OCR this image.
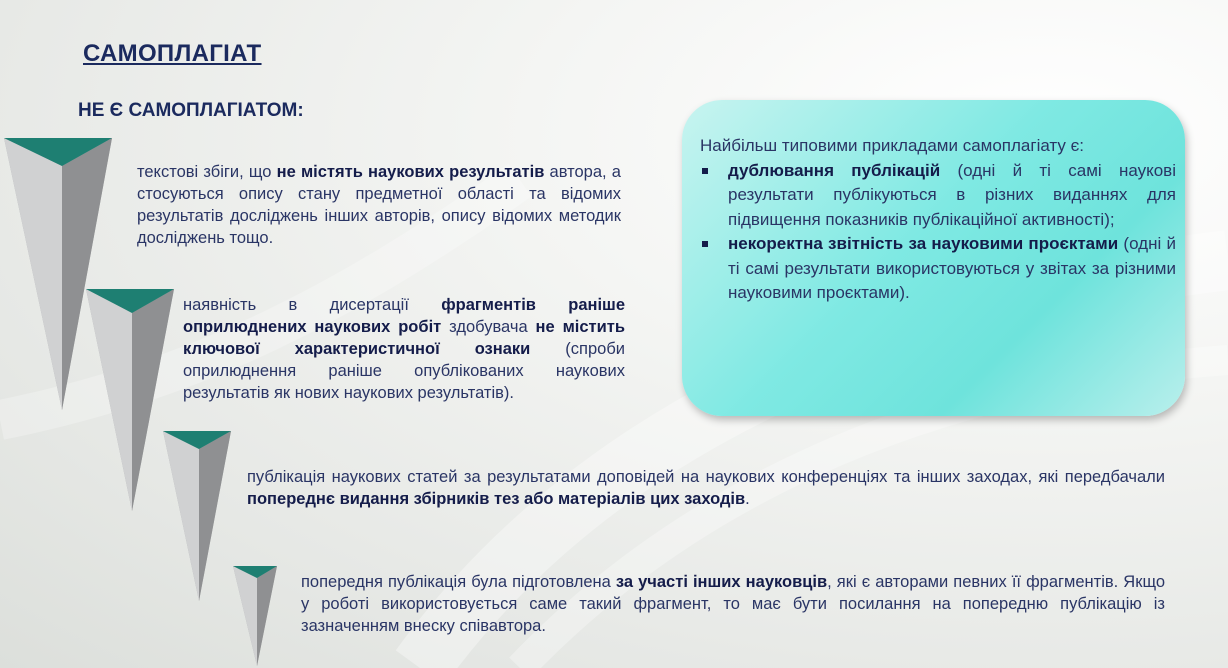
САМОПЛАГІАТ
НЕ Є САМОПЛАГІАТОМ:
текстові збіги, що не містять наукових результатів автора, а стосуються опису стану предметної області та відомих результатів досліджень інших авторів, опису відомих методик досліджень тощо.
наявність в дисертації фрагментів раніше оприлюднених наукових робіт здобувача не містить ключової характеристичної ознаки (спроби оприлюднення раніше опублікованих наукових результатів як нових наукових результатів).
публікація наукових статей за результатами доповідей на наукових конференціях та інших заходах, які передбачали попереднє видання збірників тез або матеріалів цих заходів.
попередня публікація була підготовлена за участі інших науковців, які є авторами певних її фрагментів. Якщо у роботі використовується саме такий фрагмент, то має бути посилання на попередню публікацію із зазначенням внеску співавтора.
Найбільш типовими прикладами самоплагіату є:
дублювання публікацій (одні й ті самі наукові результати публікуються в різних виданнях для підвищення показників публікаційної активності);
некоректна звітність за науковими проєктами (одні й ті самі результати використовуються у звітах за різними науковими проєктами).
